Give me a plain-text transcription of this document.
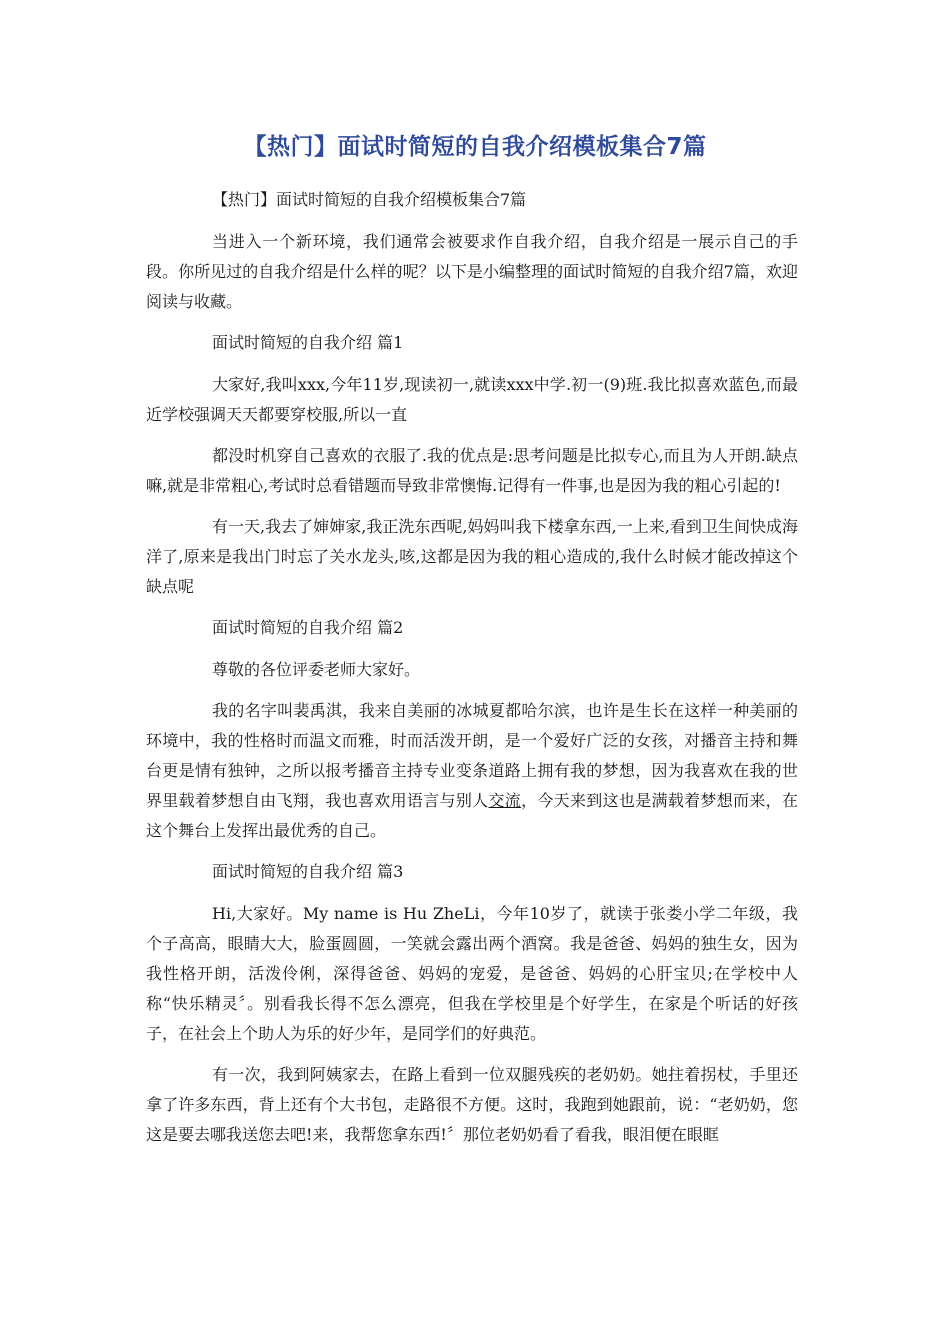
【热门】面试时简短的自我介绍模板集合7篇

【热门】面试时简短的自我介绍模板集合7篇

当进入一个新环境，我们通常会被要求作自我介绍，自我介绍是一展示自己的手段。你所见过的自我介绍是什么样的呢？以下是小编整理的面试时简短的自我介绍7篇，欢迎阅读与收藏。

面试时简短的自我介绍 篇1

大家好,我叫xxx,今年11岁,现读初一,就读xxx中学.初一(9)班.我比拟喜欢蓝色,而最近学校强调天天都要穿校服,所以一直

都没时机穿自己喜欢的衣服了.我的优点是:思考问题是比拟专心,而且为人开朗.缺点嘛,就是非常粗心,考试时总看错题而导致非常懊悔.记得有一件事,也是因为我的粗心引起的!

有一天,我去了婶婶家,我正洗东西呢,妈妈叫我下楼拿东西,一上来,看到卫生间快成海洋了,原来是我出门时忘了关水龙头,咳,这都是因为我的粗心造成的,我什么时候才能改掉这个缺点呢

面试时简短的自我介绍 篇2

尊敬的各位评委老师大家好。

我的名字叫裴禹淇，我来自美丽的冰城夏都哈尔滨，也许是生长在这样一种美丽的环境中，我的性格时而温文而雅，时而活泼开朗，是一个爱好广泛的女孩，对播音主持和舞台更是情有独钟，之所以报考播音主持专业变条道路上拥有我的梦想，因为我喜欢在我的世界里载着梦想自由飞翔，我也喜欢用语言与别人交流，今天来到这也是满载着梦想而来，在这个舞台上发挥出最优秀的自己。

面试时简短的自我介绍 篇3

Hi,大家好。My name is Hu ZheLi，今年10岁了，就读于张娄小学二年级，我个子高高，眼睛大大，脸蛋圆圆，一笑就会露出两个酒窝。我是爸爸、妈妈的独生女，因为我性格开朗，活泼伶俐，深得爸爸、妈妈的宠爱，是爸爸、妈妈的心肝宝贝;在学校中人称“快乐精灵〞。别看我长得不怎么漂亮，但我在学校里是个好学生，在家是个听话的好孩子，在社会上个助人为乐的好少年，是同学们的好典范。

有一次，我到阿姨家去，在路上看到一位双腿残疾的老奶奶。她拄着拐杖，手里还拿了许多东西，背上还有个大书包，走路很不方便。这时，我跑到她跟前，说：“老奶奶，您这是要去哪我送您去吧!来，我帮您拿东西!〞那位老奶奶看了看我，眼泪便在眼眶
